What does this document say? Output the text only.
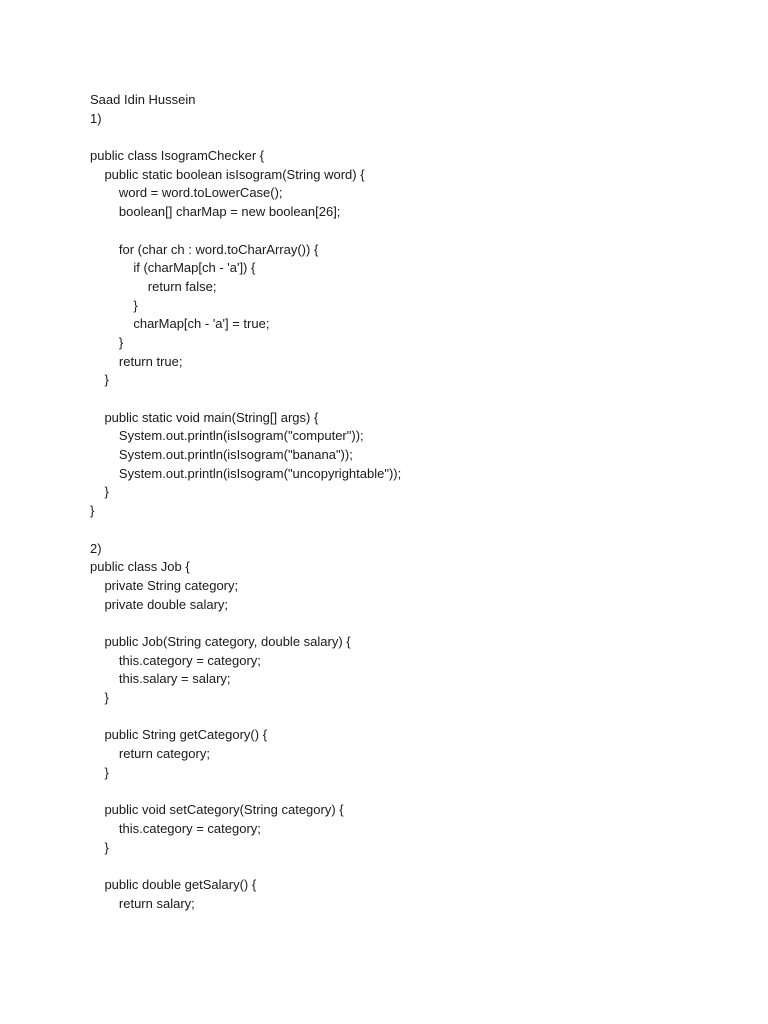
Saad Idin Hussein
1)
public class IsogramChecker {
public static boolean isIsogram(String word) {
word = word.toLowerCase();
boolean[] charMap = new boolean[26];
for (char ch : word.toCharArray()) {
if (charMap[ch - 'a']) {
return false;
}
charMap[ch - 'a'] = true;
}
return true;
}
public static void main(String[] args) {
System.out.println(isIsogram("computer"));
System.out.println(isIsogram("banana"));
System.out.println(isIsogram("uncopyrightable"));
}
}
2)
public class Job {
private String category;
private double salary;
public Job(String category, double salary) {
this.category = category;
this.salary = salary;
}
public String getCategory() {
return category;
}
public void setCategory(String category) {
this.category = category;
}
public double getSalary() {
return salary;
